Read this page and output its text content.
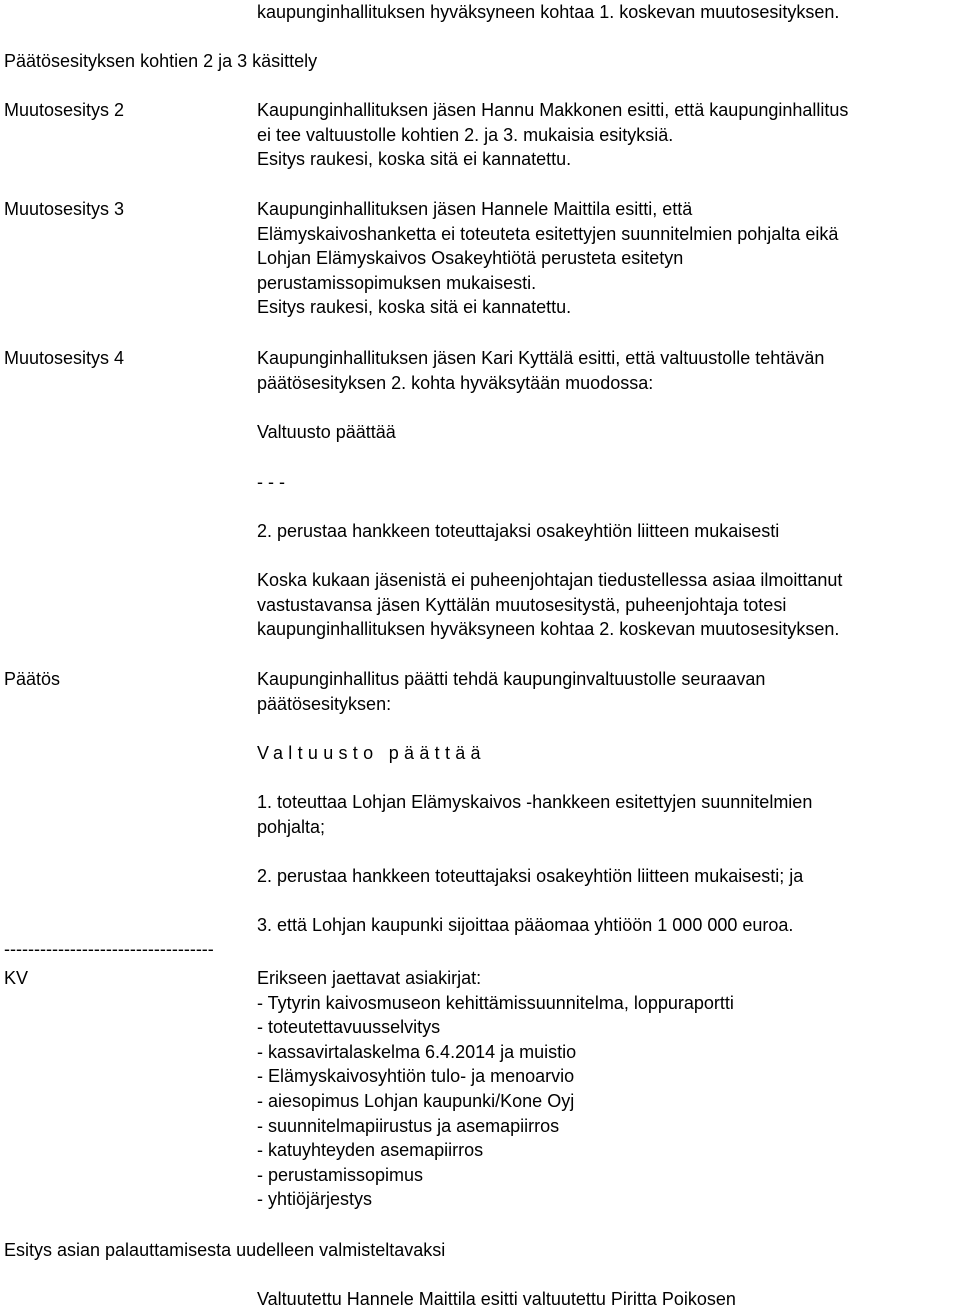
kaupunginhallituksen hyväksyneen kohtaa 1. koskevan muutosesityksen.
Päätösesityksen kohtien 2 ja 3 käsittely
Muutosesitys 2	Kaupunginhallituksen jäsen Hannu Makkonen esitti, että kaupunginhallitus
ei tee valtuustolle kohtien 2. ja 3. mukaisia esityksiä.
Esitys raukesi, koska sitä ei kannatettu.
Muutosesitys 3	Kaupunginhallituksen jäsen Hannele Maittila esitti, että
Elämyskaivoshanketta ei toteuteta esitettyjen suunnitelmien pohjalta eikä
Lohjan Elämyskaivos Osakeyhtiötä perusteta esitetyn
perustamissopimuksen mukaisesti.
Esitys raukesi, koska sitä ei kannatettu.
Muutosesitys 4	Kaupunginhallituksen jäsen Kari Kyttälä esitti, että valtuustolle tehtävän
päätösesityksen 2. kohta hyväksytään muodossa:
Valtuusto päättää
- - -
2. perustaa hankkeen toteuttajaksi osakeyhtiön liitteen mukaisesti
Koska kukaan jäsenistä ei puheenjohtajan tiedustellessa asiaa ilmoittanut
vastustavansa jäsen Kyttälän muutosesitystä, puheenjohtaja totesi
kaupunginhallituksen hyväksyneen kohtaa 2. koskevan muutosesityksen.
Päätös	Kaupunginhallitus päätti tehdä kaupunginvaltuustolle seuraavan
päätösesityksen:
Valtuusto päättää
1. toteuttaa Lohjan Elämyskaivos -hankkeen esitettyjen suunnitelmien
pohjalta;
2. perustaa hankkeen toteuttajaksi osakeyhtiön liitteen mukaisesti; ja
3. että Lohjan kaupunki sijoittaa pääomaa yhtiöön 1 000 000 euroa.
-----------------------------------
KV	Erikseen jaettavat asiakirjat:
- Tytyrin kaivosmuseon kehittämissuunnitelma, loppuraportti
- toteutettavuusselvitys
- kassavirtalaskelma 6.4.2014 ja muistio
- Elämyskaivosyhtiön tulo- ja menoarvio
- aiesopimus Lohjan kaupunki/Kone Oyj
- suunnitelmapiirustus ja asemapiirros
- katuyhteyden asemapiirros
- perustamissopimus
- yhtiöjärjestys
Esitys asian palauttamisesta uudelleen valmisteltavaksi
Valtuutettu Hannele Maittila esitti valtuutettu Piritta Poikosen
